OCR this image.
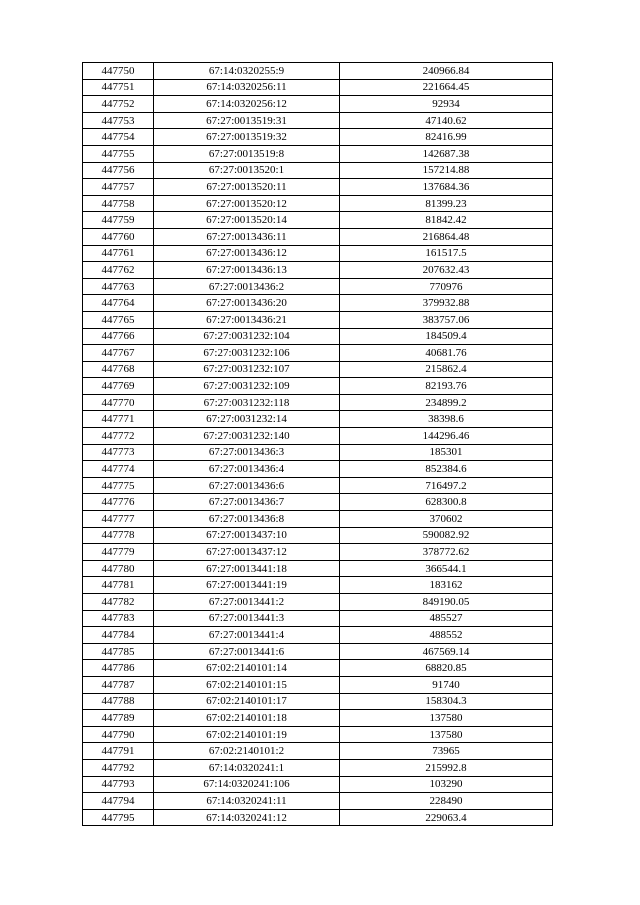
447750	67:14:0320255:9	240966.84
447751	67:14:0320256:11	221664.45
447752	67:14:0320256:12	92934
447753	67:27:0013519:31	47140.62
447754	67:27:0013519:32	82416.99
447755	67:27:0013519:8	142687.38
447756	67:27:0013520:1	157214.88
447757	67:27:0013520:11	137684.36
447758	67:27:0013520:12	81399.23
447759	67:27:0013520:14	81842.42
447760	67:27:0013436:11	216864.48
447761	67:27:0013436:12	161517.5
447762	67:27:0013436:13	207632.43
447763	67:27:0013436:2	770976
447764	67:27:0013436:20	379932.88
447765	67:27:0013436:21	383757.06
447766	67:27:0031232:104	184509.4
447767	67:27:0031232:106	40681.76
447768	67:27:0031232:107	215862.4
447769	67:27:0031232:109	82193.76
447770	67:27:0031232:118	234899.2
447771	67:27:0031232:14	38398.6
447772	67:27:0031232:140	144296.46
447773	67:27:0013436:3	185301
447774	67:27:0013436:4	852384.6
447775	67:27:0013436:6	716497.2
447776	67:27:0013436:7	628300.8
447777	67:27:0013436:8	370602
447778	67:27:0013437:10	590082.92
447779	67:27:0013437:12	378772.62
447780	67:27:0013441:18	366544.1
447781	67:27:0013441:19	183162
447782	67:27:0013441:2	849190.05
447783	67:27:0013441:3	485527
447784	67:27:0013441:4	488552
447785	67:27:0013441:6	467569.14
447786	67:02:2140101:14	68820.85
447787	67:02:2140101:15	91740
447788	67:02:2140101:17	158304.3
447789	67:02:2140101:18	137580
447790	67:02:2140101:19	137580
447791	67:02:2140101:2	73965
447792	67:14:0320241:1	215992.8
447793	67:14:0320241:106	103290
447794	67:14:0320241:11	228490
447795	67:14:0320241:12	229063.4
